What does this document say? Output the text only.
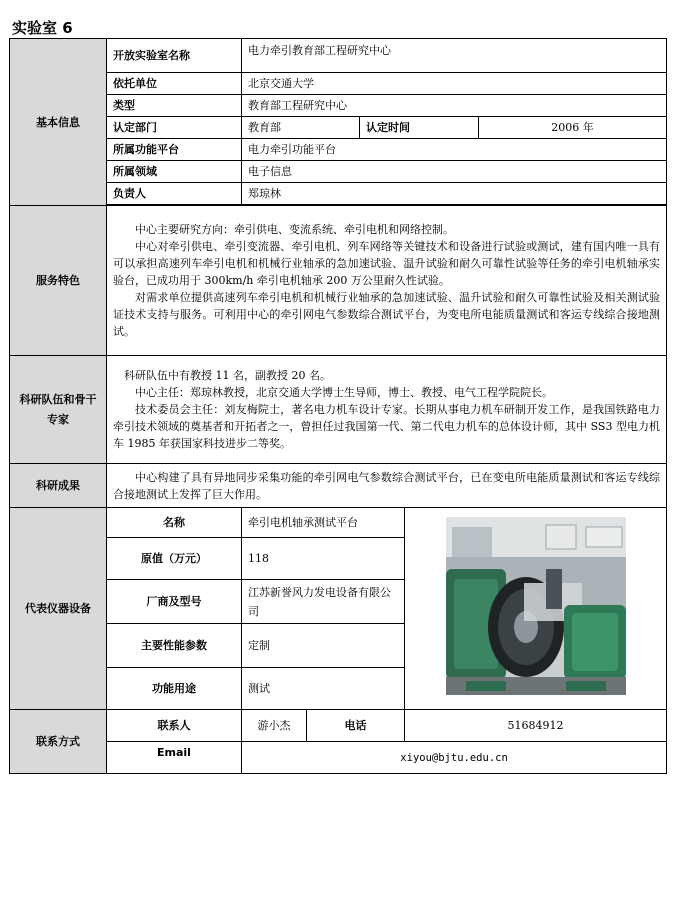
实验室 6
基本信息	开放实验室名称	电力牵引教育部工程研究中心				
	依托单位	北京交通大学				
	类型	教育部工程研究中心				
	认定部门	教育部		认定时间		2006 年
	所属功能平台	电力牵引功能平台				
	所属领域	电子信息				
	负责人	郑琼林				

服务特色	中心主要研究方向：牵引供电、变流系统、牵引电机和网络控制。

中心对牵引供电、牵引变流器、牵引电机、列车网络等关键技术和设备进行试验或测试，建有国内唯一具有可以承担高速列车牵引电机和机械行业轴承的急加速试验、温升试验和耐久可靠性试验等任务的牵引电机轴承实验台，已成功用于 300km/h 牵引电机轴承 200 万公里耐久性试验。

对需求单位提供高速列车牵引电机和机械行业轴承的急加速试验、温升试验和耐久可靠性试验及相关测试验证技术支持与服务。可利用中心的牵引网电气参数综合测试平台，为变电所电能质量测试和客运专线综合接地测试。					

科研队伍和骨干专家	科研队伍中有教授 11 名，副教授 20 名。

中心主任：郑琼林教授，北京交通大学博士生导师，博士、教授、电气工程学院院长。

技术委员会主任：刘友梅院士，著名电力机车设计专家。长期从事电力机车研制开发工作，是我国铁路电力牵引技术领域的奠基者和开拓者之一，曾担任过我国第一代、第二代电力机车的总体设计师，其中 SS3 型电力机车 1985 年获国家科技进步二等奖。					

科研成果	中心构建了具有异地同步采集功能的牵引网电气参数综合测试平台，已在变电所电能质量测试和客运专线综合接地测试上发挥了巨大作用。					

代表仪器设备	名称	牵引电机轴承测试平台	
	原值（万元）	118				
	厂商及型号	江苏新誉风力发电设备有限公司				
	主要性能参数	定制				
	功能用途	测试				
联系方式	联系人	游小杰	电话		51684912	
	Email	xiyou@bjtu.edu.cn				
